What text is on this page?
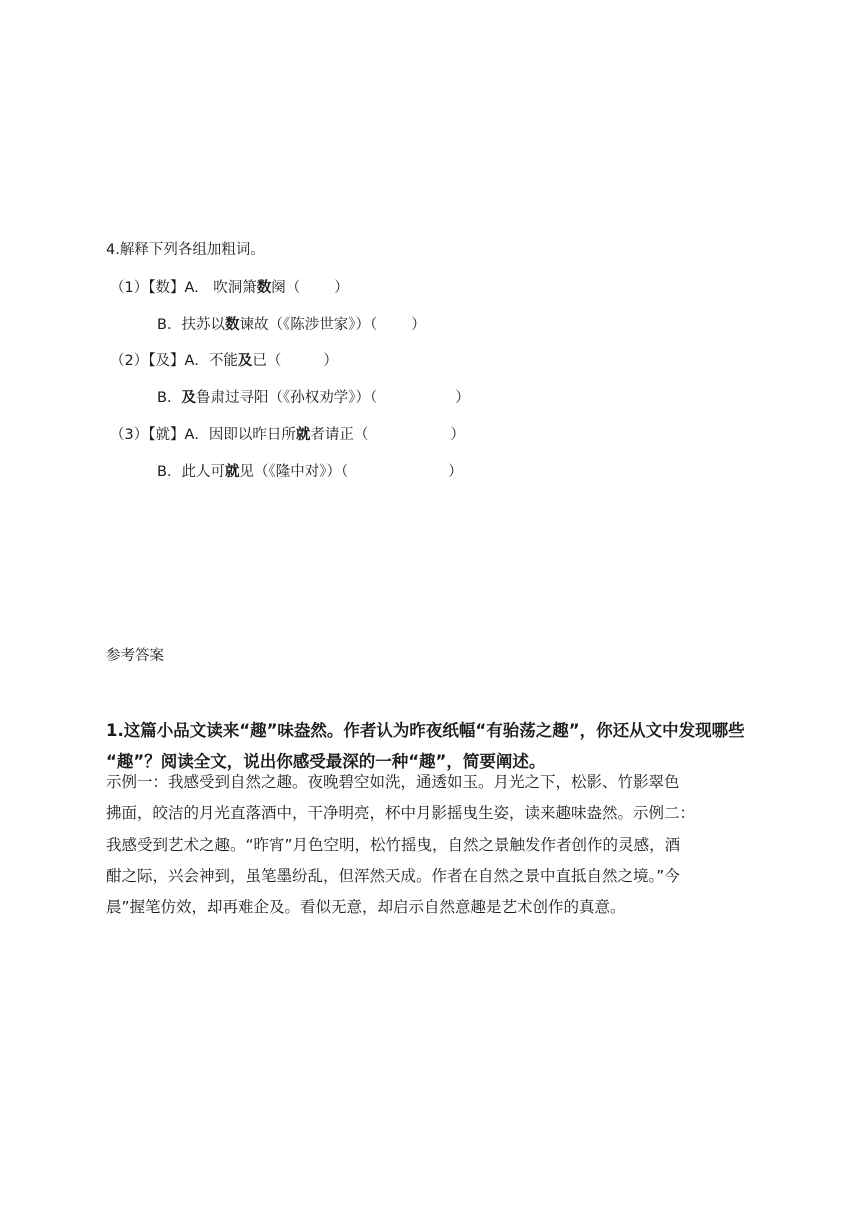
4.解释下列各组加粗词。
（1）【数】A.　吹洞箫数阕（ ）
B．扶苏以数谏故（《陈涉世家》）（ ）
（2）【及】A．不能及已（	）
B．及鲁肃过寻阳（《孙权劝学》）（	）
（3）【就】A．因即以昨日所就者请正（	）
B．此人可就见（《隆中对》）（	）
参考答案
1.这篇小品文读来“趣”味盎然。作者认为昨夜纸幅“有骀荡之趣”，你还从文中发现哪些
“趣”？阅读全文，说出你感受最深的一种“趣”，简要阐述。
示例一：我感受到自然之趣。夜晚碧空如洗，通透如玉。月光之下，松影、竹影翠色
拂面，皎洁的月光直落酒中，干净明亮，杯中月影摇曳生姿，读来趣味盎然。示例二：
我感受到艺术之趣。“昨宵”月色空明，松竹摇曳，自然之景触发作者创作的灵感，酒
酣之际，兴会神到，虽笔墨纷乱，但浑然天成。作者在自然之景中直抵自然之境。”今
晨”握笔仿效，却再难企及。看似无意，却启示自然意趣是艺术创作的真意。
